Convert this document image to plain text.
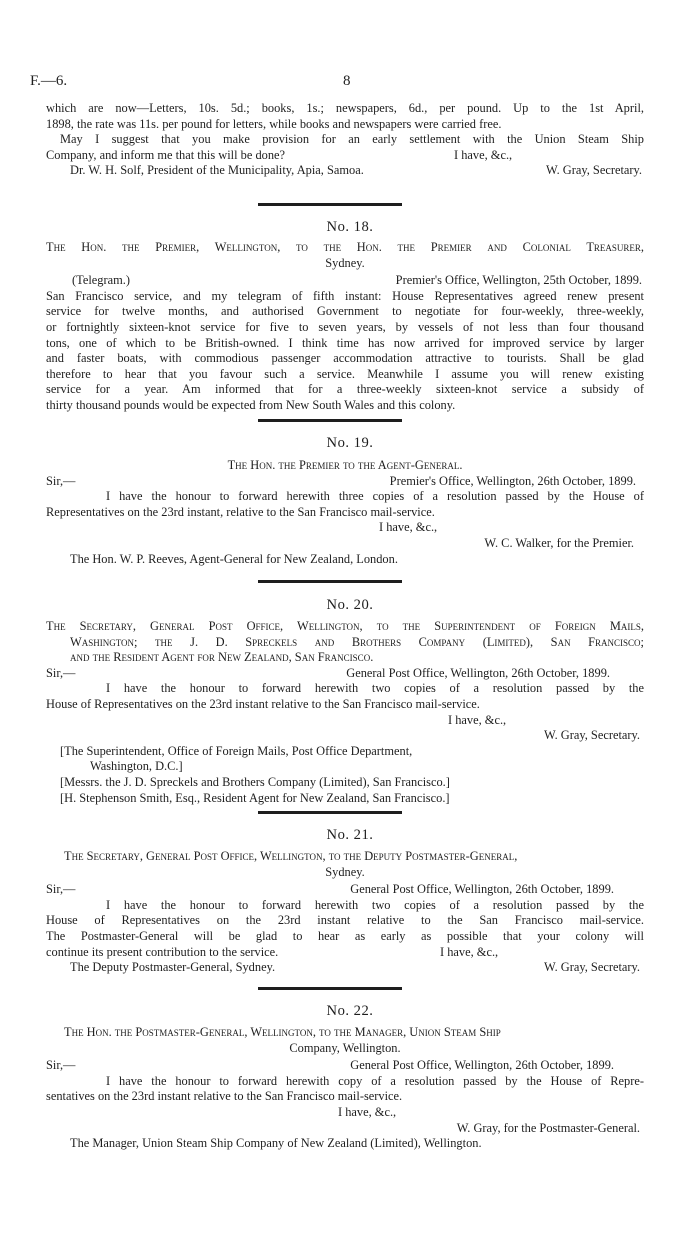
F.—6.	8
which are now—Letters, 10s. 5d.; books, 1s.; newspapers, 6d., per pound. Up to the 1st April,
1898, the rate was 11s. per pound for letters, while books and newspapers were carried free.
May I suggest that you make provision for an early settlement with the Union Steam Ship
Company, and inform me that this will be done?	I have, &c.,
Dr. W. H. Solf, President of the Municipality, Apia, Samoa.	W. Gray, Secretary.
No. 18.
The Hon. the Premier, Wellington, to the Hon. the Premier and Colonial Treasurer,
Sydney.
(Telegram.)	Premier's Office, Wellington, 25th October, 1899.
San Francisco service, and my telegram of fifth instant: House Representatives agreed renew present
service for twelve months, and authorised Government to negotiate for four-weekly, three-weekly,
or fortnightly sixteen-knot service for five to seven years, by vessels of not less than four thousand
tons, one of which to be British-owned. I think time has now arrived for improved service by larger
and faster boats, with commodious passenger accommodation attractive to tourists. Shall be glad
therefore to hear that you favour such a service. Meanwhile I assume you will renew existing
service for a year. Am informed that for a three-weekly sixteen-knot service a subsidy of
thirty thousand pounds would be expected from New South Wales and this colony.
No. 19.
The Hon. the Premier to the Agent-General.
Sir,—	Premier's Office, Wellington, 26th October, 1899.
I have the honour to forward herewith three copies of a resolution passed by the House of
Representatives on the 23rd instant, relative to the San Francisco mail-service.
I have, &c.,
W. C. Walker, for the Premier.
The Hon. W. P. Reeves, Agent-General for New Zealand, London.
No. 20.
The Secretary, General Post Office, Wellington, to the Superintendent of Foreign Mails,
Washington; the J. D. Spreckels and Brothers Company (Limited), San Francisco;
and the Resident Agent for New Zealand, San Francisco.
Sir,—	General Post Office, Wellington, 26th October, 1899.
I have the honour to forward herewith two copies of a resolution passed by the
House of Representatives on the 23rd instant relative to the San Francisco mail-service.
I have, &c.,
W. Gray, Secretary.
[The Superintendent, Office of Foreign Mails, Post Office Department,
Washington, D.C.]
[Messrs. the J. D. Spreckels and Brothers Company (Limited), San Francisco.]
[H. Stephenson Smith, Esq., Resident Agent for New Zealand, San Francisco.]
No. 21.
The Secretary, General Post Office, Wellington, to the Deputy Postmaster-General,
Sydney.
Sir,—	General Post Office, Wellington, 26th October, 1899.
I have the honour to forward herewith two copies of a resolution passed by the
House of Representatives on the 23rd instant relative to the San Francisco mail-service.
The Postmaster-General will be glad to hear as early as possible that your colony will
continue its present contribution to the service.	I have, &c.,
The Deputy Postmaster-General, Sydney.	W. Gray, Secretary.
No. 22.
The Hon. the Postmaster-General, Wellington, to the Manager, Union Steam Ship
Company, Wellington.
Sir,—	General Post Office, Wellington, 26th October, 1899.
I have the honour to forward herewith copy of a resolution passed by the House of Repre-
sentatives on the 23rd instant relative to the San Francisco mail-service.
I have, &c.,
W. Gray, for the Postmaster-General.
The Manager, Union Steam Ship Company of New Zealand (Limited), Wellington.
